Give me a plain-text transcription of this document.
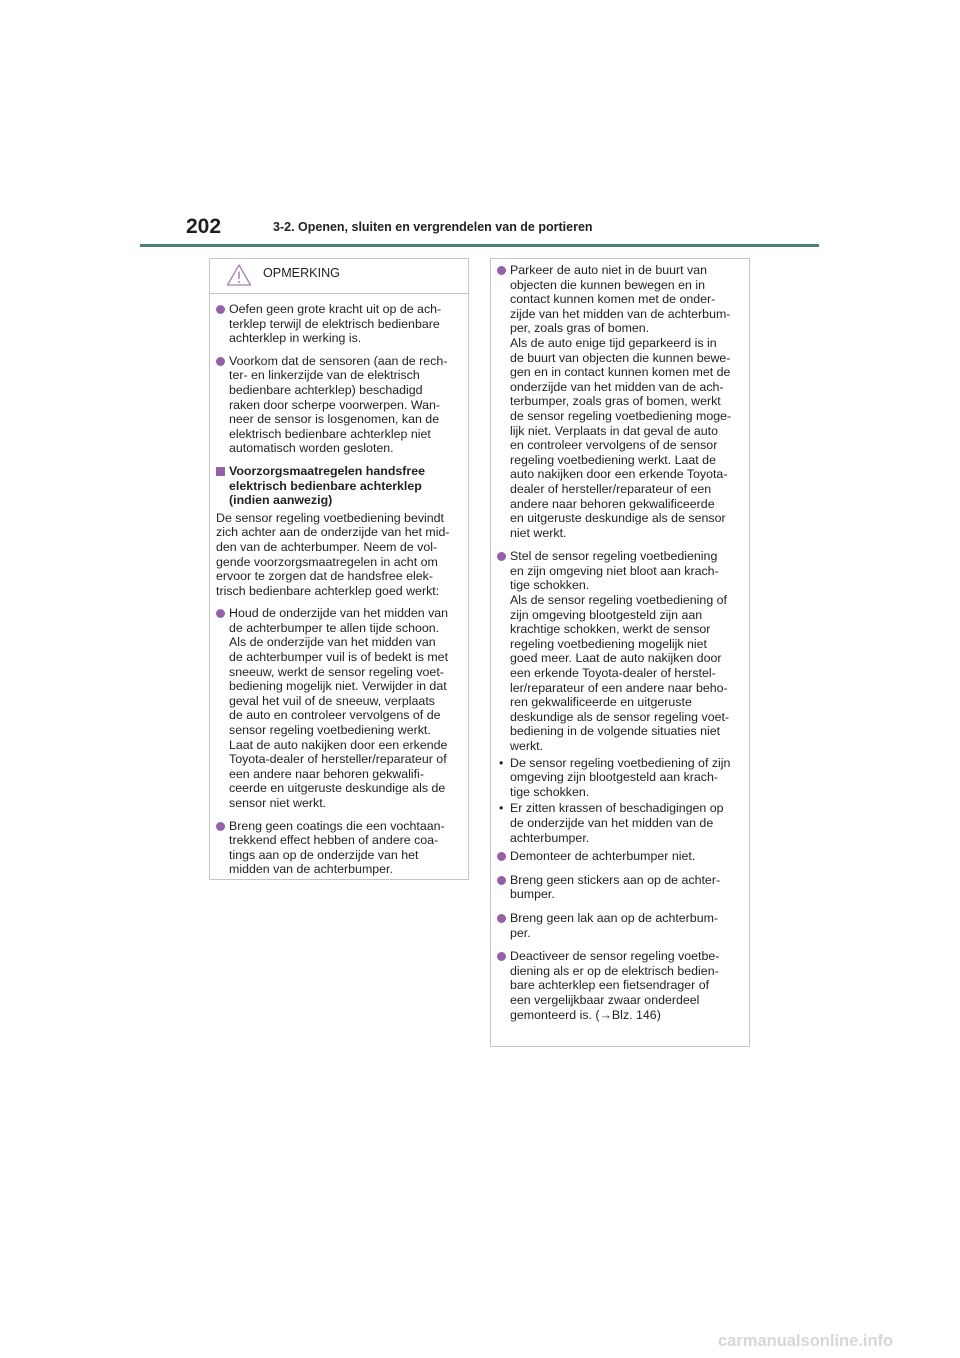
202	3-2. Openen, sluiten en vergrendelen van de portieren
OPMERKING
Oefen geen grote kracht uit op de ach-
terklep terwijl de elektrisch bedienbare
achterklep in werking is.
Voorkom dat de sensoren (aan de rech-
ter- en linkerzijde van de elektrisch
bedienbare achterklep) beschadigd
raken door scherpe voorwerpen. Wan-
neer de sensor is losgenomen, kan de
elektrisch bedienbare achterklep niet
automatisch worden gesloten.
Voorzorgsmaatregelen handsfree
elektrisch bedienbare achterklep
(indien aanwezig)
De sensor regeling voetbediening bevindt
zich achter aan de onderzijde van het mid-
den van de achterbumper. Neem de vol-
gende voorzorgsmaatregelen in acht om
ervoor te zorgen dat de handsfree elek-
trisch bedienbare achterklep goed werkt:
Houd de onderzijde van het midden van
de achterbumper te allen tijde schoon.
Als de onderzijde van het midden van
de achterbumper vuil is of bedekt is met
sneeuw, werkt de sensor regeling voet-
bediening mogelijk niet. Verwijder in dat
geval het vuil of de sneeuw, verplaats
de auto en controleer vervolgens of de
sensor regeling voetbediening werkt.
Laat de auto nakijken door een erkende
Toyota-dealer of hersteller/reparateur of
een andere naar behoren gekwalifi-
ceerde en uitgeruste deskundige als de
sensor niet werkt.
Breng geen coatings die een vochtaan-
trekkend effect hebben of andere coa-
tings aan op de onderzijde van het
midden van de achterbumper.
Parkeer de auto niet in de buurt van
objecten die kunnen bewegen en in
contact kunnen komen met de onder-
zijde van het midden van de achterbum-
per, zoals gras of bomen.
Als de auto enige tijd geparkeerd is in
de buurt van objecten die kunnen bewe-
gen en in contact kunnen komen met de
onderzijde van het midden van de ach-
terbumper, zoals gras of bomen, werkt
de sensor regeling voetbediening moge-
lijk niet. Verplaats in dat geval de auto
en controleer vervolgens of de sensor
regeling voetbediening werkt. Laat de
auto nakijken door een erkende Toyota-
dealer of hersteller/reparateur of een
andere naar behoren gekwalificeerde
en uitgeruste deskundige als de sensor
niet werkt.
Stel de sensor regeling voetbediening
en zijn omgeving niet bloot aan krach-
tige schokken.
Als de sensor regeling voetbediening of
zijn omgeving blootgesteld zijn aan
krachtige schokken, werkt de sensor
regeling voetbediening mogelijk niet
goed meer. Laat de auto nakijken door
een erkende Toyota-dealer of herstel-
ler/reparateur of een andere naar beho-
ren gekwalificeerde en uitgeruste
deskundige als de sensor regeling voet-
bediening in de volgende situaties niet
werkt.
• De sensor regeling voetbediening of zijn
omgeving zijn blootgesteld aan krach-
tige schokken.
• Er zitten krassen of beschadigingen op
de onderzijde van het midden van de
achterbumper.
Demonteer de achterbumper niet.
Breng geen stickers aan op de achter-
bumper.
Breng geen lak aan op de achterbum-
per.
Deactiveer de sensor regeling voetbe-
diening als er op de elektrisch bedien-
bare achterklep een fietsendrager of
een vergelijkbaar zwaar onderdeel
gemonteerd is. (→Blz. 146)
carmanualsonline.info
